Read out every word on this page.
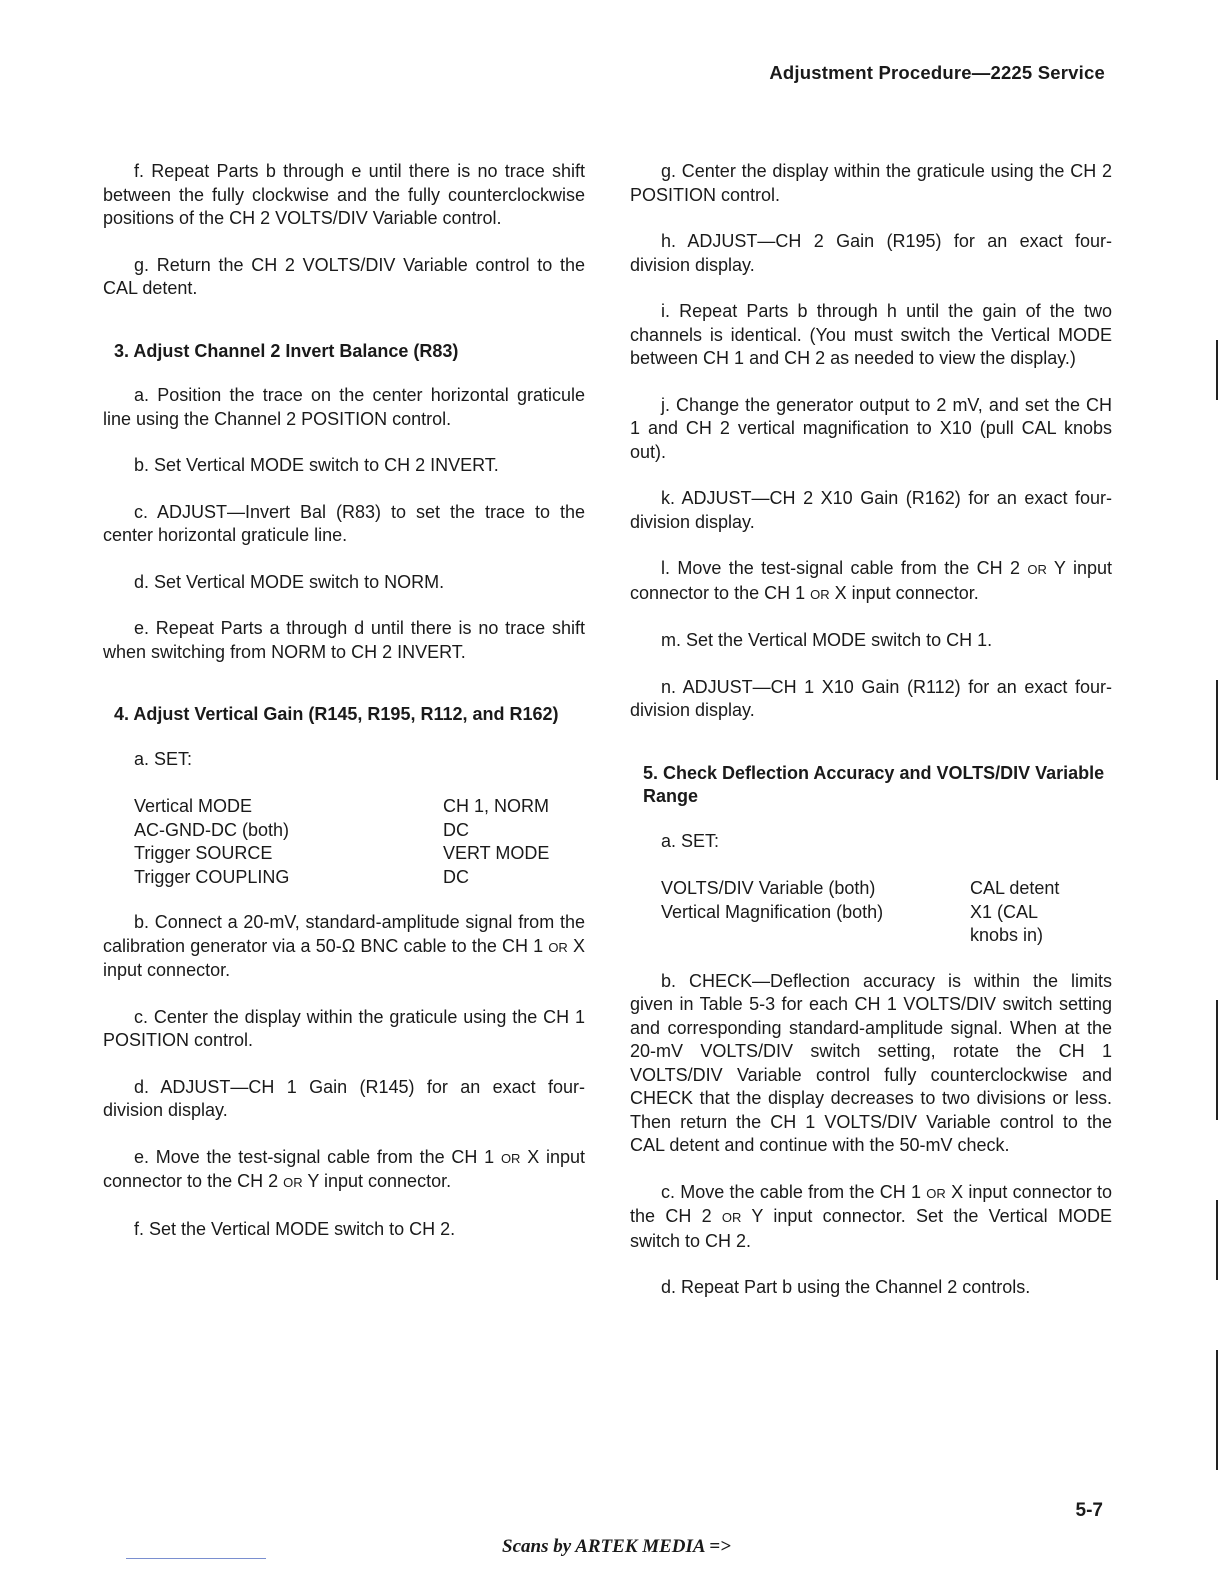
Adjustment Procedure—2225 Service

f. Repeat Parts b through e until there is no trace shift between the fully clockwise and the fully counterclockwise positions of the CH 2 VOLTS/DIV Variable control.

g. Return the CH 2 VOLTS/DIV Variable control to the CAL detent.

3. Adjust Channel 2 Invert Balance (R83)

a. Position the trace on the center horizontal graticule line using the Channel 2 POSITION control.

b. Set Vertical MODE switch to CH 2 INVERT.

c. ADJUST—Invert Bal (R83) to set the trace to the center horizontal graticule line.

d. Set Vertical MODE switch to NORM.

e. Repeat Parts a through d until there is no trace shift when switching from NORM to CH 2 INVERT.

4. Adjust Vertical Gain (R145, R195, R112, and R162)
a. SET:
Vertical MODE	CH 1, NORM
AC-GND-DC (both)	DC
Trigger SOURCE	VERT MODE
Trigger COUPLING	DC

b. Connect a 20-mV, standard-amplitude signal from the calibration generator via a 50-Ω BNC cable to the CH 1 OR X input connector.

c. Center the display within the graticule using the CH 1 POSITION control.

d. ADJUST—CH 1 Gain (R145) for an exact four-division display.

e. Move the test-signal cable from the CH 1 OR X input connector to the CH 2 OR Y input connector.

f. Set the Vertical MODE switch to CH 2.

g. Center the display within the graticule using the CH 2 POSITION control.

h. ADJUST—CH 2 Gain (R195) for an exact four-division display.

i. Repeat Parts b through h until the gain of the two channels is identical. (You must switch the Vertical MODE between CH 1 and CH 2 as needed to view the display.)

j. Change the generator output to 2 mV, and set the CH 1 and CH 2 vertical magnification to X10 (pull CAL knobs out).

k. ADJUST—CH 2 X10 Gain (R162) for an exact four-division display.

l. Move the test-signal cable from the CH 2 OR Y input connector to the CH 1 OR X input connector.

m. Set the Vertical MODE switch to CH 1.

n. ADJUST—CH 1 X10 Gain (R112) for an exact four-division display.

5. Check Deflection Accuracy and VOLTS/DIV Variable Range
a. SET:
VOLTS/DIV Variable (both)	CAL detent
Vertical Magnification (both)	X1 (CAL knobs in)

b. CHECK—Deflection accuracy is within the limits given in Table 5-3 for each CH 1 VOLTS/DIV switch setting and corresponding standard-amplitude signal. When at the 20-mV VOLTS/DIV switch setting, rotate the CH 1 VOLTS/DIV Variable control fully counterclockwise and CHECK that the display decreases to two divisions or less. Then return the CH 1 VOLTS/DIV Variable control to the CAL detent and continue with the 50-mV check.

c. Move the cable from the CH 1 OR X input connector to the CH 2 OR Y input connector. Set the Vertical MODE switch to CH 2.

d. Repeat Part b using the Channel 2 controls.

5-7
Scans by ARTEK MEDIA =>
